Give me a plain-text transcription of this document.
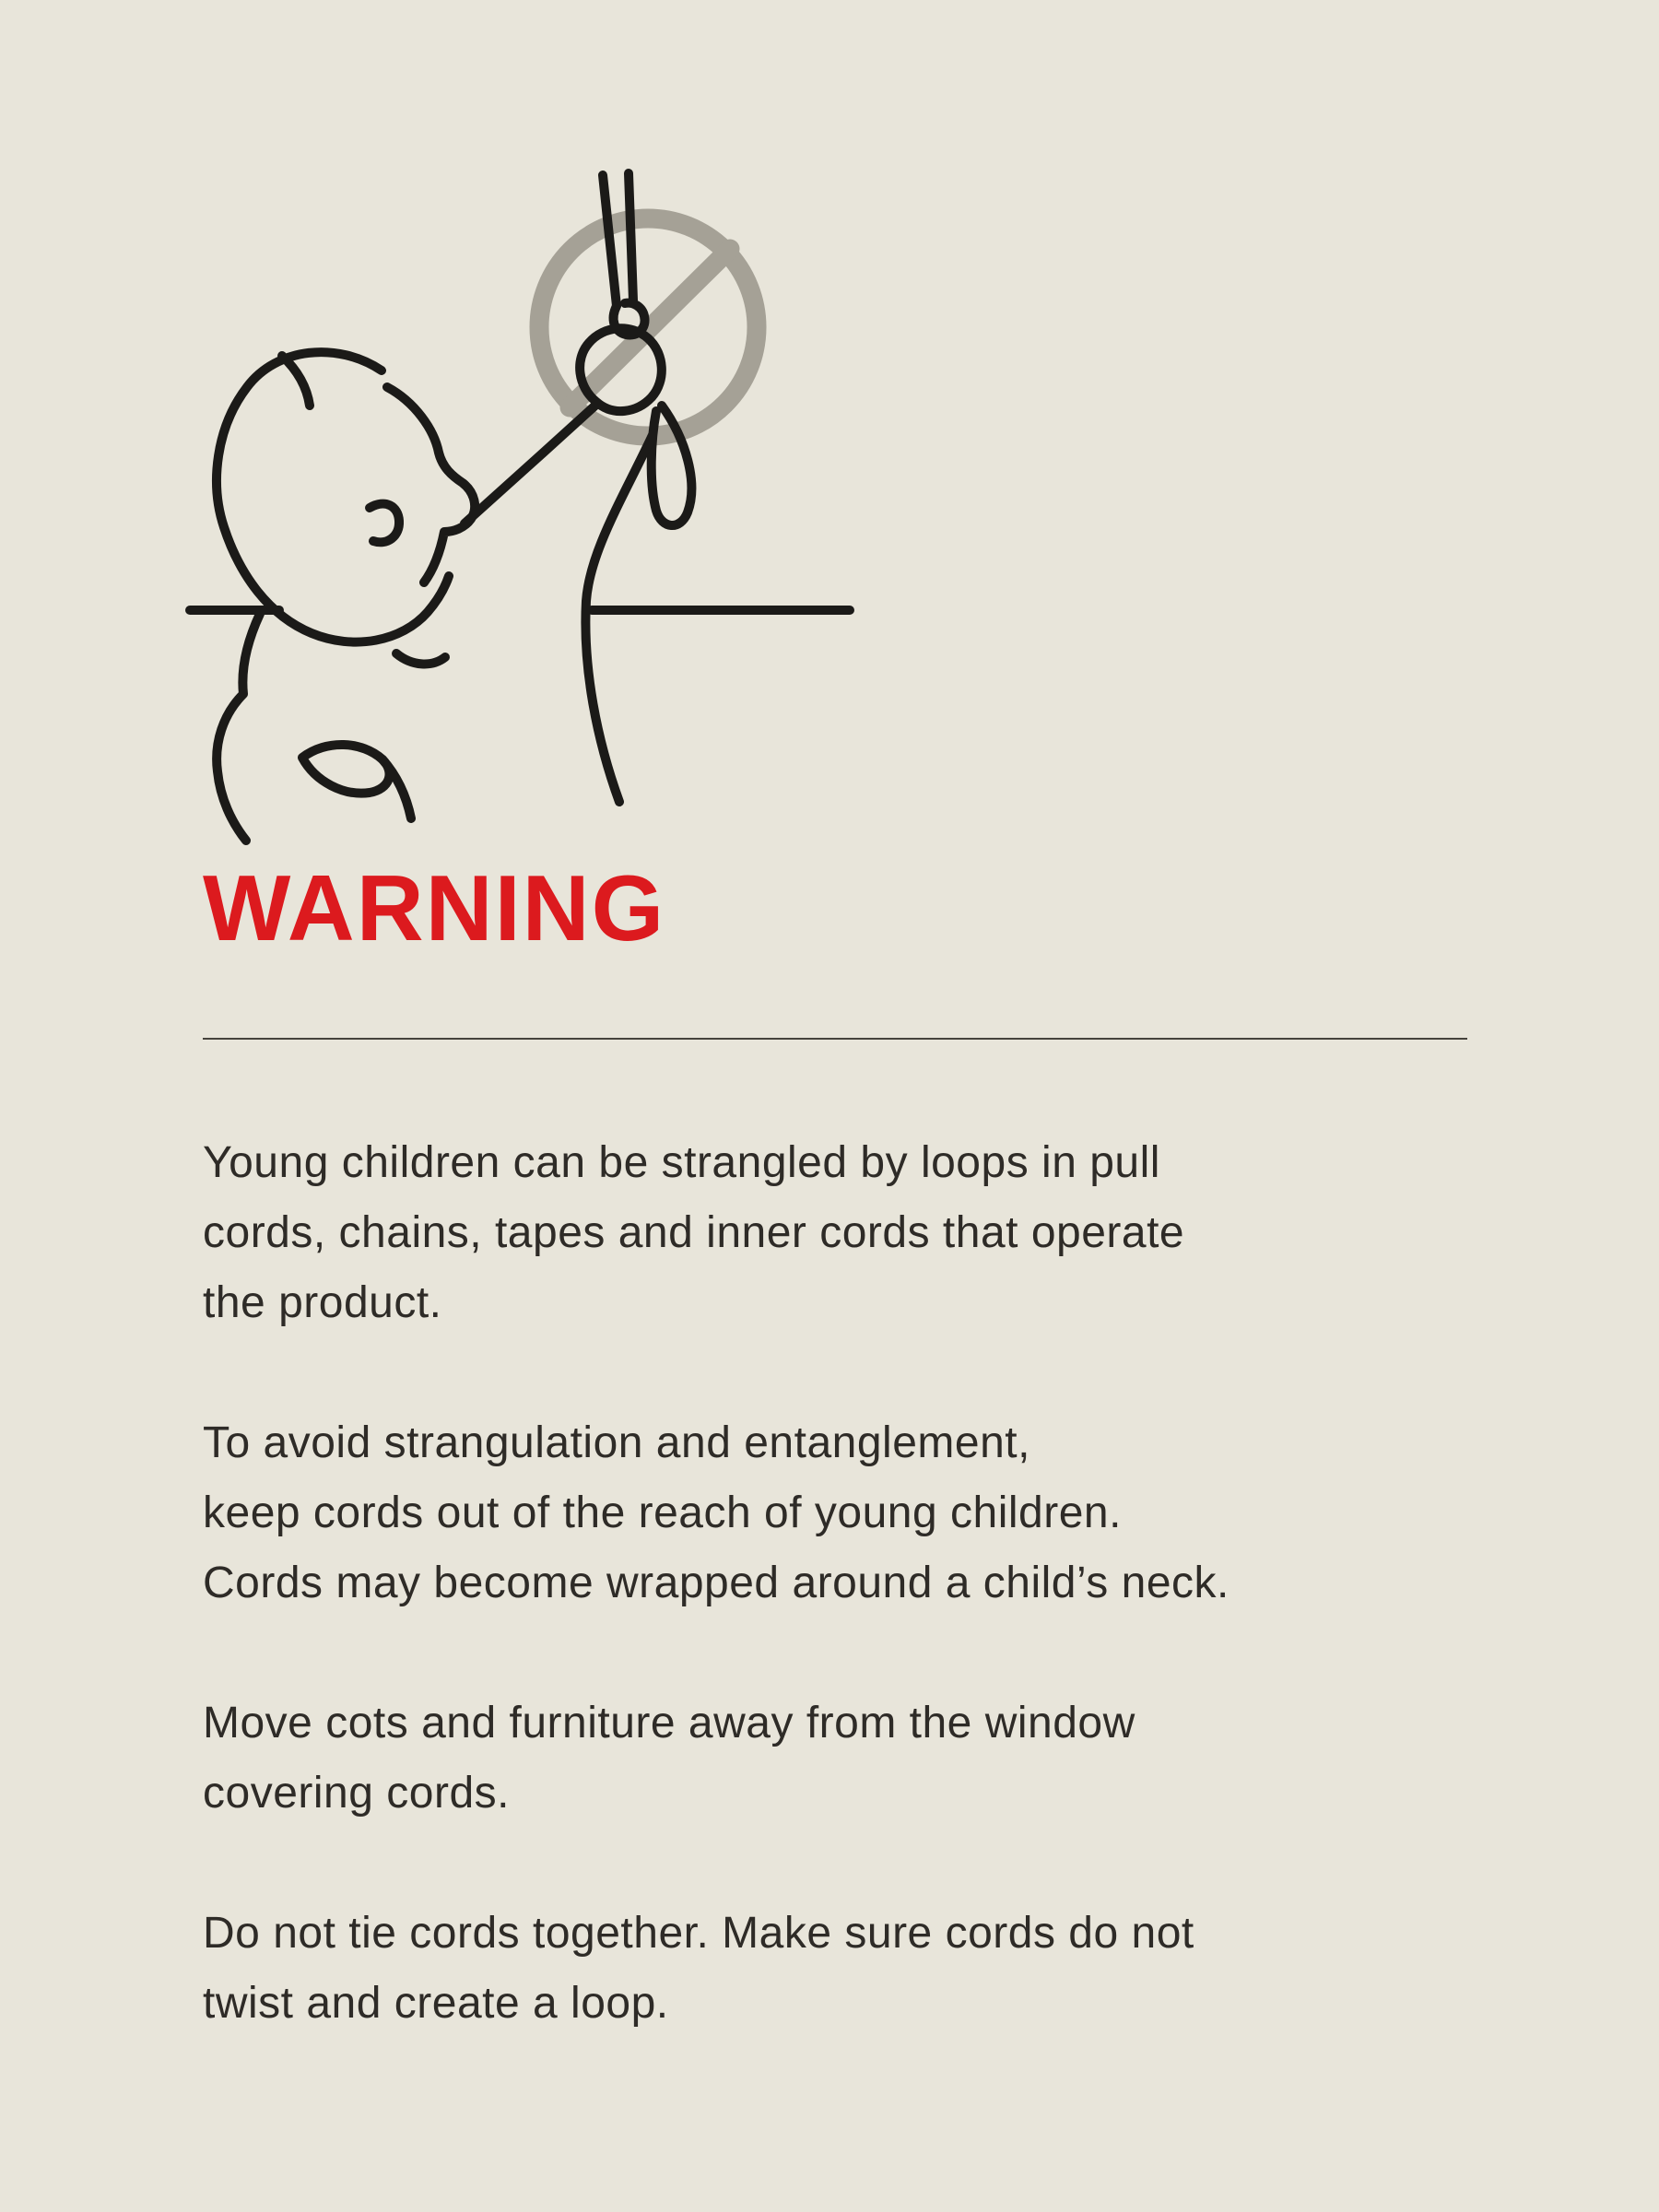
WARNING
Young children can be strangled by loops in pull
cords, chains, tapes and inner cords that operate
the product.
To avoid strangulation and entanglement,
keep cords out of the reach of young children.
Cords may become wrapped around a child’s neck.
Move cots and furniture away from the window
covering cords.
Do not tie cords together. Make sure cords do not
twist and create a loop.
